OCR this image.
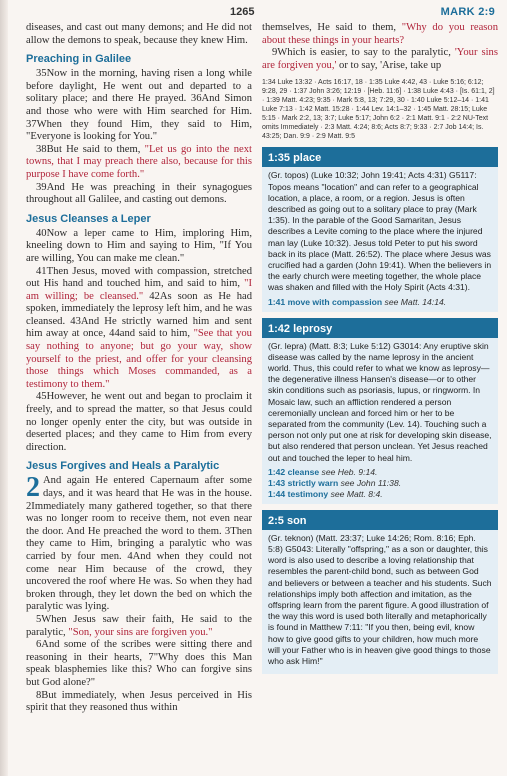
1265	MARK 2:9

diseases, and cast out many demons; and He did not allow the demons to speak, because they knew Him.

Preaching in Galilee

35Now in the morning, having risen a long while before daylight, He went out and departed to a solitary place; and there He prayed. 36And Simon and those who were with Him searched for Him. 37When they found Him, they said to Him, "Everyone is looking for You."

38But He said to them, "Let us go into the next towns, that I may preach there also, because for this purpose I have come forth."

39And He was preaching in their synagogues throughout all Galilee, and casting out demons.

Jesus Cleanses a Leper

40Now a leper came to Him, imploring Him, kneeling down to Him and saying to Him, "If You are willing, You can make me clean."

41Then Jesus, moved with compassion, stretched out His hand and touched him, and said to him, "I am willing; be cleansed." 42As soon as He had spoken, immediately the leprosy left him, and he was cleansed. 43And He strictly warned him and sent him away at once, 44and said to him, "See that you say nothing to anyone; but go your way, show yourself to the priest, and offer for your cleansing those things which Moses commanded, as a testimony to them."

45However, he went out and began to proclaim it freely, and to spread the matter, so that Jesus could no longer openly enter the city, but was outside in deserted places; and they came to Him from every direction.

Jesus Forgives and Heals a Paralytic

2 And again He entered Capernaum after some days, and it was heard that He was in the house. 2Immediately many gathered together, so that there was no longer room to receive them, not even near the door. And He preached the word to them. 3Then they came to Him, bringing a paralytic who was carried by four men. 4And when they could not come near Him because of the crowd, they uncovered the roof where He was. So when they had broken through, they let down the bed on which the paralytic was lying.

5When Jesus saw their faith, He said to the paralytic, "Son, your sins are forgiven you."

6And some of the scribes were sitting there and reasoning in their hearts, 7"Why does this Man speak blasphemies like this? Who can forgive sins but God alone?"

8But immediately, when Jesus perceived in His spirit that they reasoned thus within

themselves, He said to them, "Why do you reason about these things in your hearts?

9Which is easier, to say to the paralytic, 'Your sins are forgiven you,' or to say, 'Arise, take up

1:34 Luke 13:32 · Acts 16:17, 18 · 1:35 Luke 4:42, 43 · Luke 5:16; 6:12; 9:28, 29 · 1:37 John 3:26; 12:19 · [Heb. 11:6] · 1:38 Luke 4:43 · [Is. 61:1, 2] · 1:39 Matt. 4:23; 9:35 · Mark 5:8, 13; 7:29, 30 · 1:40 Luke 5:12–14 · 1:41 Luke 7:13 · 1:42 Matt. 15:28 · 1:44 Lev. 14:1–32 · 1:45 Matt. 28:15; Luke 5:15 · Mark 2:2, 13; 3:7; Luke 5:17; John 6:2 · 2:1 Matt. 9:1 · 2:2 NU-Text omits Immediately · 2:3 Matt. 4:24; 8:6; Acts 8:7; 9:33 · 2:7 Job 14:4; Is. 43:25; Dan. 9:9 · 2:9 Matt. 9:5
1:35 place
(Gr. topos) (Luke 10:32; John 19:41; Acts 4:31) G5117: Topos means "location" and can refer to a geographical location, a place, a room, or a region. Jesus is often described as going out to a solitary place to pray (Mark 1:35). In the parable of the Good Samaritan, Jesus describes a Levite coming to the place where the injured man lay (Luke 10:32). Jesus told Peter to put his sword back in its place (Matt. 26:52). The place where Jesus was crucified had a garden (John 19:41). When the believers in the early church were meeting together, the whole place was shaken and filled with the Holy Spirit (Acts 4:31).
1:41 move with compassion see Matt. 14:14.
1:42 leprosy
(Gr. lepra) (Matt. 8:3; Luke 5:12) G3014: Any eruptive skin disease was called by the name leprosy in the ancient world. Thus, this could refer to what we know as leprosy—the degenerative illness Hansen's disease—or to other skin conditions such as psoriasis, lupus, or ringworm. In Mosaic law, such an affliction rendered a person ceremonially unclean and forced him or her to be separated from the community (Lev. 14). Touching such a person not only put one at risk for developing skin disease, but also rendered that person unclean. Yet Jesus reached out and touched the leper to heal him.
1:42 cleanse see Heb. 9:14.
1:43 strictly warn see John 11:38.
1:44 testimony see Matt. 8:4.
2:5 son
(Gr. teknon) (Matt. 23:37; Luke 14:26; Rom. 8:16; Eph. 5:8) G5043: Literally "offspring," as a son or daughter, this word is also used to describe a loving relationship that resembles the parent-child bond, such as between God and believers or between a teacher and his students. Such relationships imply both affection and imitation, as the offspring learn from the parent figure. A good illustration of the way this word is used both literally and metaphorically is found in Matthew 7:11: "If you then, being evil, know how to give good gifts to your children, how much more will your Father who is in heaven give good things to those who ask Him!"
